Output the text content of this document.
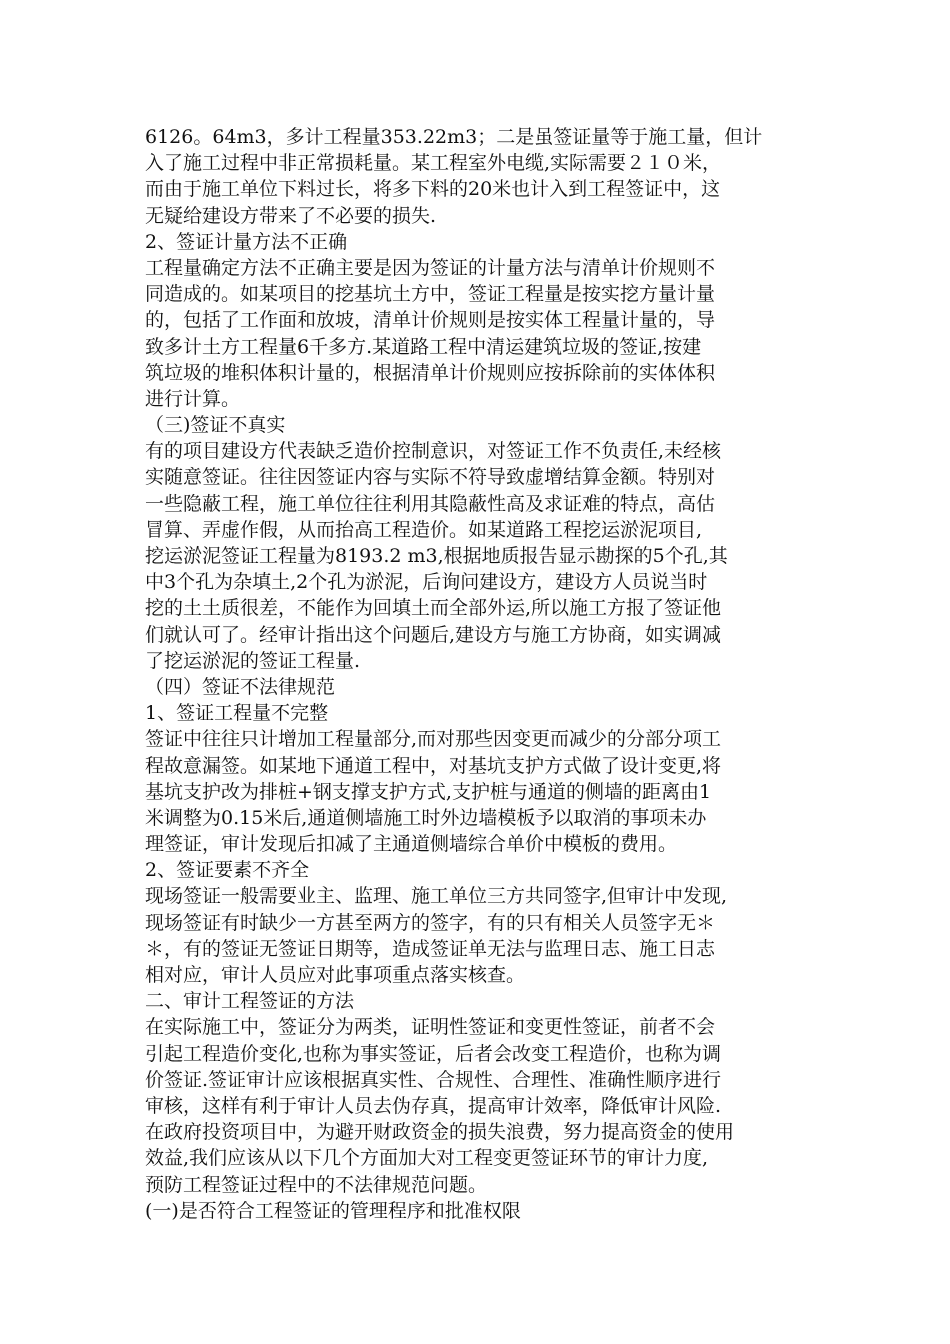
6126。64m3，多计工程量353.22m3；二是虽签证量等于施工量，但计
入了施工过程中非正常损耗量。某工程室外电缆,实际需要２１０米，
而由于施工单位下料过长，将多下料的20米也计入到工程签证中，这
无疑给建设方带来了不必要的损失.
2、签证计量方法不正确
工程量确定方法不正确主要是因为签证的计量方法与清单计价规则不
同造成的。如某项目的挖基坑土方中，签证工程量是按实挖方量计量
的，包括了工作面和放坡，清单计价规则是按实体工程量计量的，导
致多计土方工程量6千多方.某道路工程中清运建筑垃圾的签证,按建
筑垃圾的堆积体积计量的，根据清单计价规则应按拆除前的实体体积
进行计算。
（三)签证不真实
有的项目建设方代表缺乏造价控制意识，对签证工作不负责任,未经核
实随意签证。往往因签证内容与实际不符导致虚增结算金额。特别对
一些隐蔽工程，施工单位往往利用其隐蔽性高及求证难的特点，高估
冒算、弄虚作假，从而抬高工程造价。如某道路工程挖运淤泥项目,
挖运淤泥签证工程量为8193.2 m3,根据地质报告显示勘探的5个孔,其
中3个孔为杂填土,2个孔为淤泥，后询问建设方，建设方人员说当时
挖的土土质很差，不能作为回填土而全部外运,所以施工方报了签证他
们就认可了。经审计指出这个问题后,建设方与施工方协商，如实调减
了挖运淤泥的签证工程量.
（四）签证不法律规范
1、签证工程量不完整
签证中往往只计增加工程量部分,而对那些因变更而减少的分部分项工
程故意漏签。如某地下通道工程中，对基坑支护方式做了设计变更,将
基坑支护改为排桩+钢支撑支护方式,支护桩与通道的侧墙的距离由1
米调整为0.15米后,通道侧墙施工时外边墙模板予以取消的事项未办
理签证，审计发现后扣减了主通道侧墙综合单价中模板的费用。
2、签证要素不齐全
现场签证一般需要业主、监理、施工单位三方共同签字,但审计中发现,
现场签证有时缺少一方甚至两方的签字，有的只有相关人员签字无＊
＊，有的签证无签证日期等，造成签证单无法与监理日志、施工日志
相对应，审计人员应对此事项重点落实核查。
二、审计工程签证的方法
在实际施工中，签证分为两类，证明性签证和变更性签证，前者不会
引起工程造价变化,也称为事实签证，后者会改变工程造价，也称为调
价签证.签证审计应该根据真实性、合规性、合理性、准确性顺序进行
审核，这样有利于审计人员去伪存真，提高审计效率，降低审计风险.
在政府投资项目中，为避开财政资金的损失浪费，努力提高资金的使用
效益,我们应该从以下几个方面加大对工程变更签证环节的审计力度,
预防工程签证过程中的不法律规范问题。
(一)是否符合工程签证的管理程序和批准权限
